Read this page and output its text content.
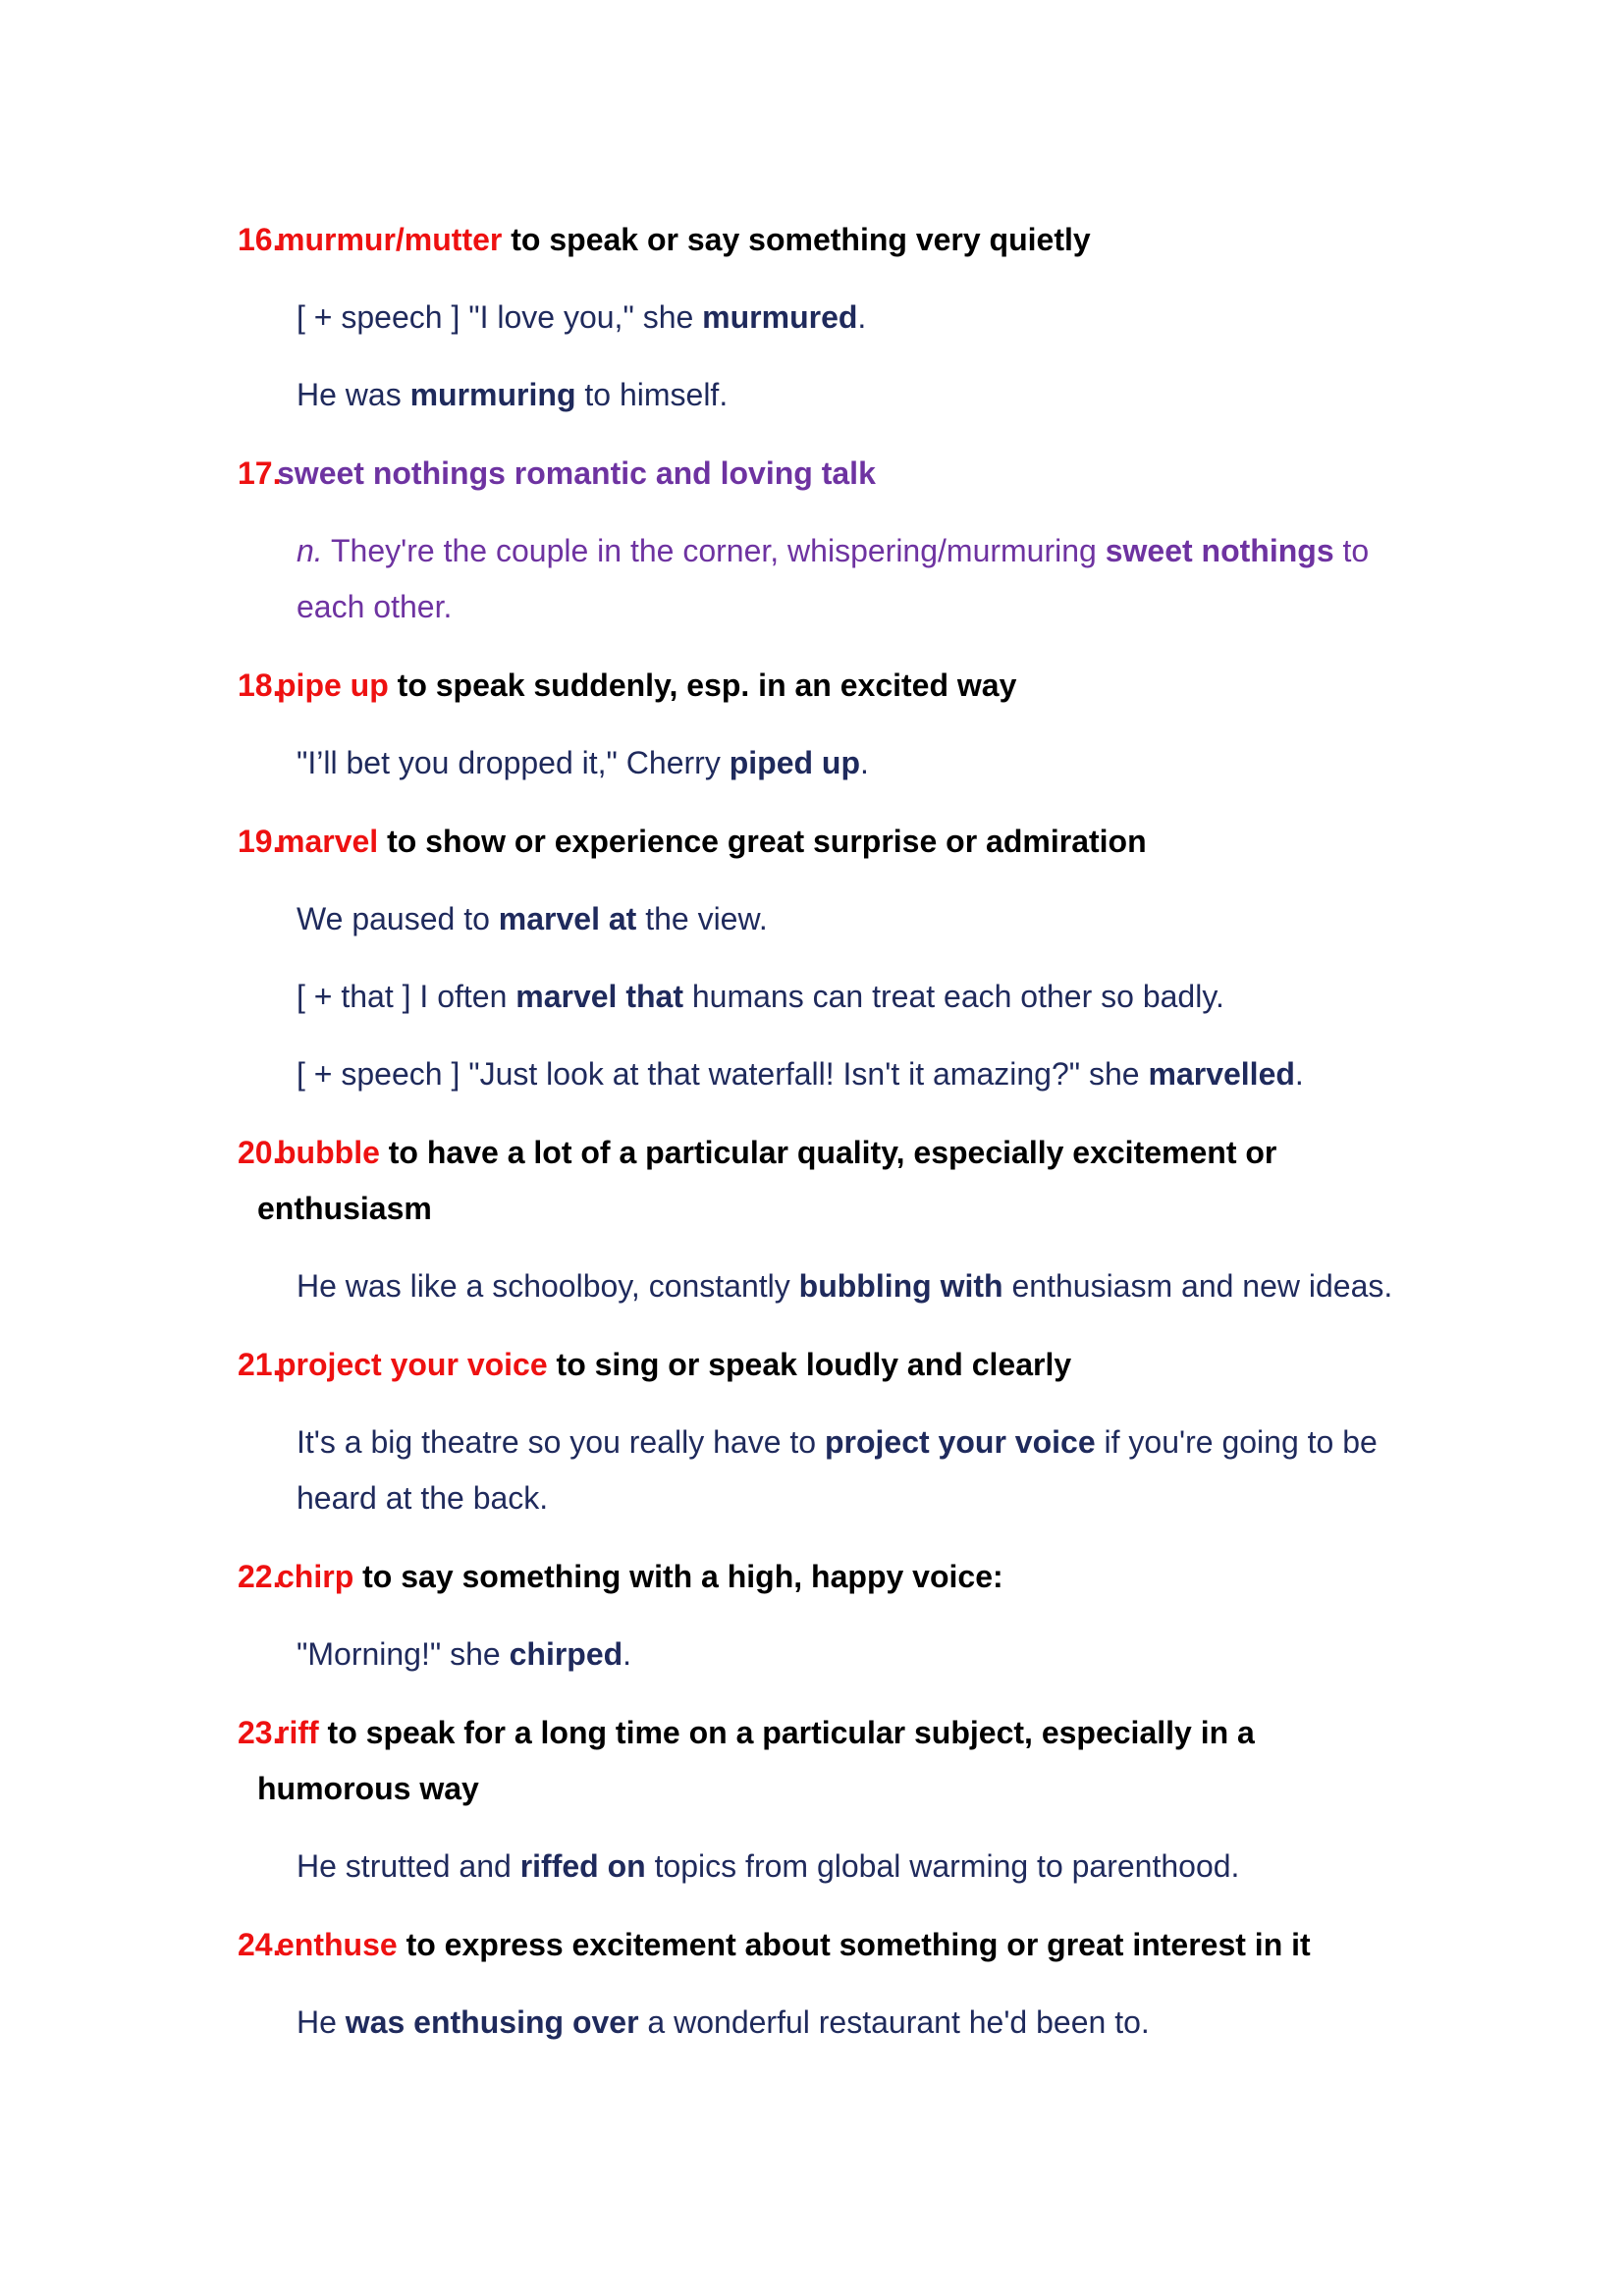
16.
murmur/mutter to speak or say something very quietly
[ + speech ] "I love you," she murmured.
He was murmuring to himself.
17.
sweet nothings romantic and loving talk
n. They're the couple in the corner, whispering/murmuring sweet nothings to each other.
18.
pipe up to speak suddenly, esp. in an excited way
"I’ll bet you dropped it," Cherry piped up.
19.
marvel to show or experience great surprise or admiration
We paused to marvel at the view.
[ + that ] I often marvel that humans can treat each other so badly.
[ + speech ] "Just look at that waterfall! Isn't it amazing?" she marvelled.
20.
bubble to have a lot of a particular quality, especially excitement or
enthusiasm
He was like a schoolboy, constantly bubbling with enthusiasm and new ideas.
21.
project your voice to sing or speak loudly and clearly
It's a big theatre so you really have to project your voice if you're going to be heard at the back.
22.
chirp to say something with a high, happy voice:
"Morning!" she chirped.
23.
riff to speak for a long time on a particular subject, especially in a
humorous way
He strutted and riffed on topics from global warming to parenthood.
24.
enthuse to express excitement about something or great interest in it
He was enthusing over a wonderful restaurant he'd been to.
